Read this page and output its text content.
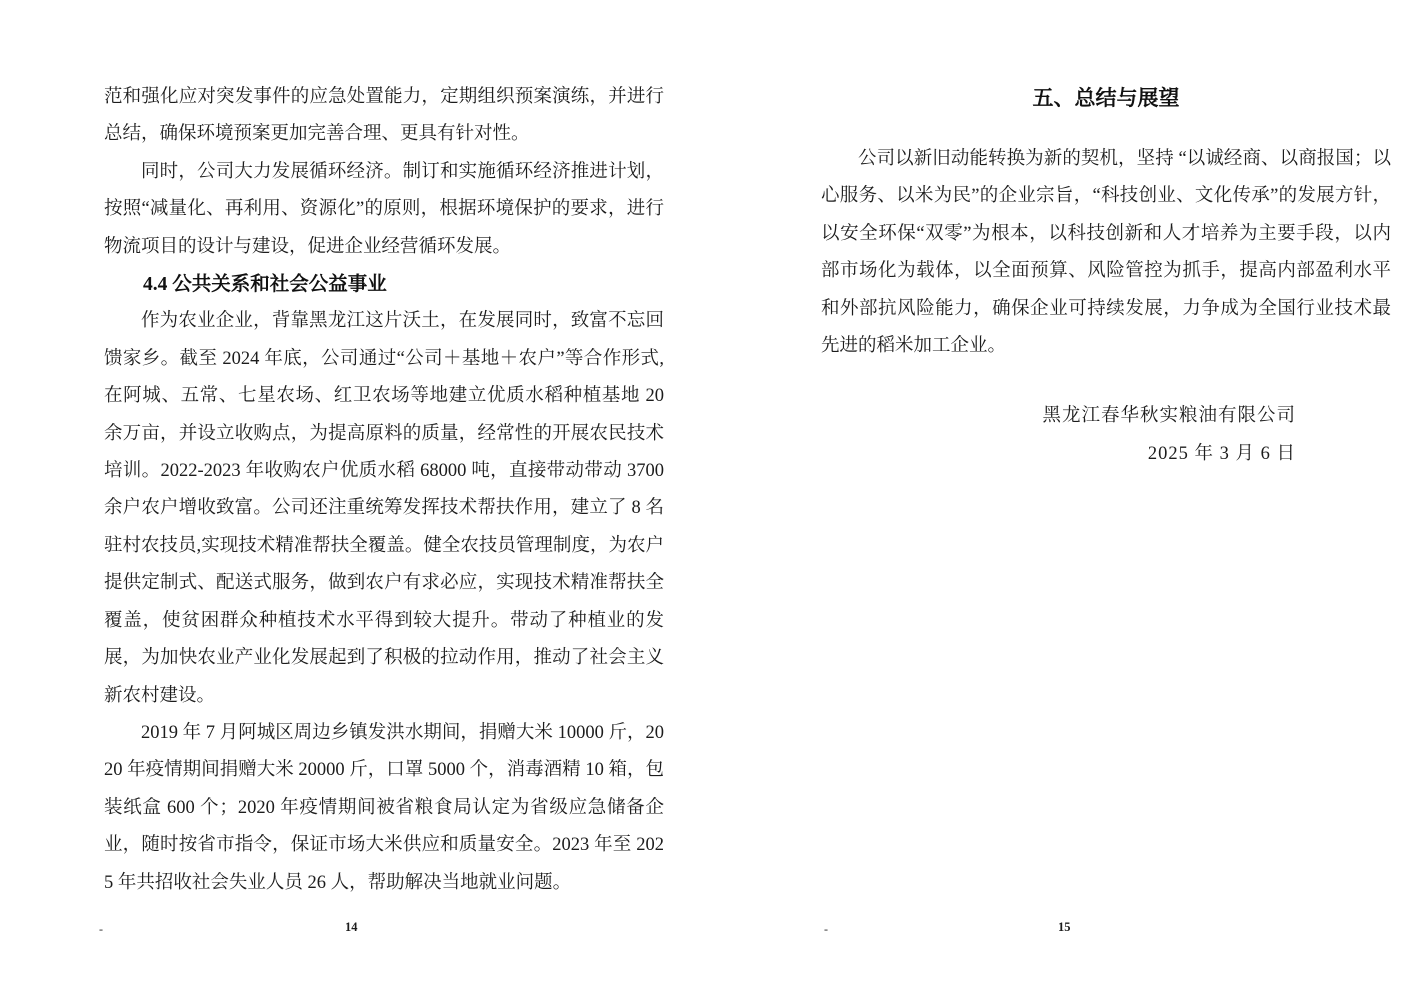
范和强化应对突发事件的应急处置能力，定期组织预案演练，并进行总结，确保环境预案更加完善合理、更具有针对性。

同时，公司大力发展循环经济。制订和实施循环经济推进计划，按照“减量化、再利用、资源化”的原则，根据环境保护的要求，进行物流项目的设计与建设，促进企业经营循环发展。

4.4 公共关系和社会公益事业

作为农业企业，背靠黑龙江这片沃土，在发展同时，致富不忘回馈家乡。截至 2024 年底，公司通过“公司＋基地＋农户”等合作形式,在阿城、五常、七星农场、红卫农场等地建立优质水稻种植基地 20 余万亩，并设立收购点，为提高原料的质量，经常性的开展农民技术培训。2022-2023 年收购农户优质水稻 68000 吨，直接带动带动 3700 余户农户增收致富。公司还注重统筹发挥技术帮扶作用，建立了 8 名驻村农技员,实现技术精准帮扶全覆盖。健全农技员管理制度，为农户提供定制式、配送式服务，做到农户有求必应，实现技术精准帮扶全覆盖，使贫困群众种植技术水平得到较大提升。带动了种植业的发展，为加快农业产业化发展起到了积极的拉动作用，推动了社会主义新农村建设。

2019 年 7 月阿城区周边乡镇发洪水期间，捐赠大米 10000 斤，2020 年疫情期间捐赠大米 20000 斤，口罩 5000 个，消毒酒精 10 箱，包装纸盒 600 个；2020 年疫情期间被省粮食局认定为省级应急储备企业，随时按省市指令，保证市场大米供应和质量安全。2023 年至 2025 年共招收社会失业人员 26 人，帮助解决当地就业问题。

五、总结与展望

公司以新旧动能转换为新的契机，坚持 “以诚经商、以商报国；以心服务、以米为民”的企业宗旨，“科技创业、文化传承”的发展方针，以安全环保“双零”为根本，以科技创新和人才培养为主要手段，以内部市场化为载体，以全面预算、风险管控为抓手，提高内部盈利水平和外部抗风险能力，确保企业可持续发展，力争成为全国行业技术最先进的稻米加工企业。

黑龙江春华秋实粮油有限公司

2025 年 3 月 6 日

-	14	-	15
